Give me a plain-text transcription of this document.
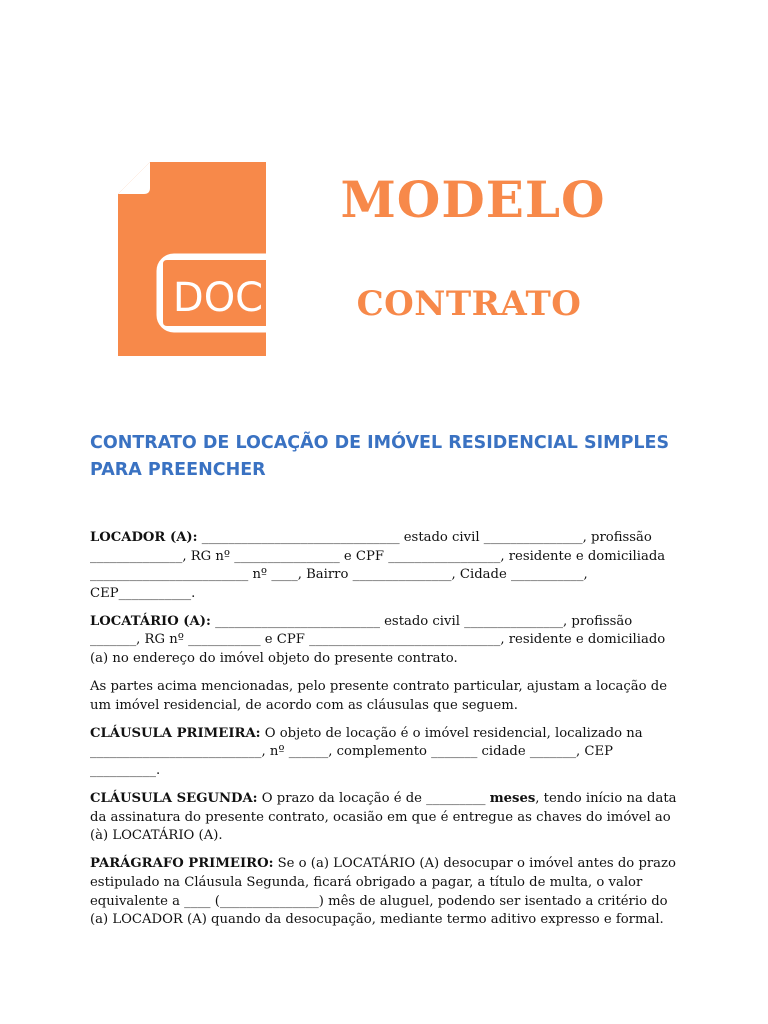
DOC
MODELO
CONTRATO
CONTRATO DE LOCAÇÃO DE IMÓVEL RESIDENCIAL SIMPLES PARA PREENCHER

LOCADOR (A): ______________________________ estado civil _______________, profissão ______________, RG nº ________________ e CPF _________________, residente e domiciliada ________________________ nº ____, Bairro _______________, Cidade ___________, CEP___________.

LOCATÁRIO (A): _________________________ estado civil _______________, profissão _______, RG nº ___________ e CPF _____________________________, residente e domiciliado (a) no endereço do imóvel objeto do presente contrato.

As partes acima mencionadas, pelo presente contrato particular, ajustam a locação de um imóvel residencial, de acordo com as cláusulas que seguem.

CLÁUSULA PRIMEIRA: O objeto de locação é o imóvel residencial, localizado na __________________________, nº ______, complemento _______ cidade _______, CEP __________.

CLÁUSULA SEGUNDA: O prazo da locação é de _________ meses, tendo início na data da assinatura do presente contrato, ocasião em que é entregue as chaves do imóvel ao (à) LOCATÁRIO (A).

PARÁGRAFO PRIMEIRO: Se o (a) LOCATÁRIO (A) desocupar o imóvel antes do prazo estipulado na Cláusula Segunda, ficará obrigado a pagar, a título de multa, o valor equivalente a ____ (_______________) mês de aluguel, podendo ser isentado a critério do (a) LOCADOR (A) quando da desocupação, mediante termo aditivo expresso e formal.
